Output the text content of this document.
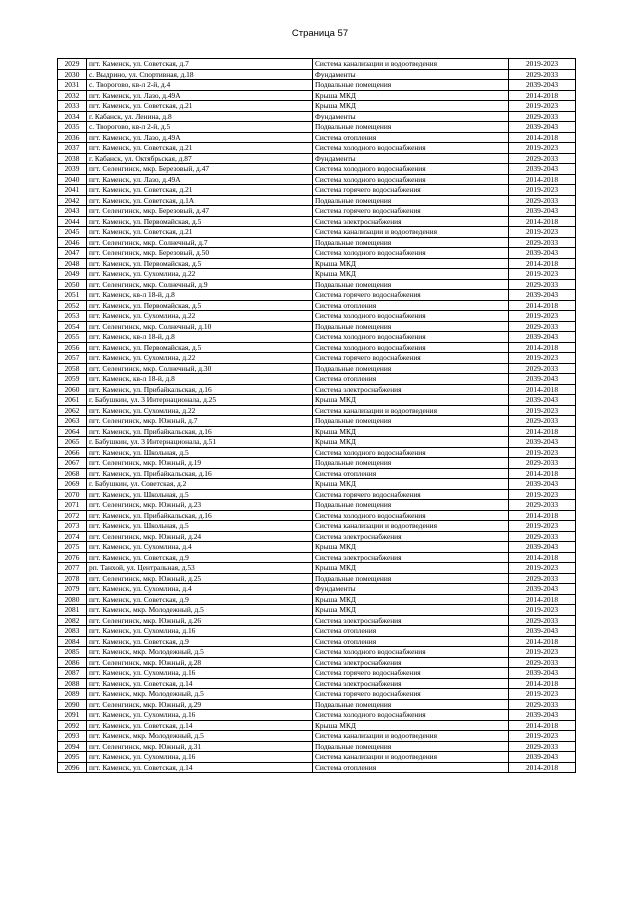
Страница 57
2029	пгт. Каменск, ул. Советская, д.7	Система канализации и водоотведения	2019-2023
2030	с. Выдрино, ул. Спортивная, д.18	Фундаменты	2029-2033
2031	с. Творогово, кв-л 2-й, д.4	Подвальные помещения	2039-2043
2032	пгт. Каменск, ул. Лазо, д.49А	Крыша МКД	2014-2018
2033	пгт. Каменск, ул. Советская, д.21	Крыша МКД	2019-2023
2034	г. Кабанск, ул. Ленина, д.8	Фундаменты	2029-2033
2035	с. Творогово, кв-л 2-й, д.5	Подвальные помещения	2039-2043
2036	пгт. Каменск, ул. Лазо, д.49А	Система отопления	2014-2018
2037	пгт. Каменск, ул. Советская, д.21	Система холодного водоснабжения	2019-2023
2038	г. Кабанск, ул. Октябрьская, д.87	Фундаменты	2029-2033
2039	пгт. Селенгинск, мкр. Березовый, д.47	Система холодного водоснабжения	2039-2043
2040	пгт. Каменск, ул. Лазо, д.49А	Система холодного водоснабжения	2014-2018
2041	пгт. Каменск, ул. Советская, д.21	Система горячего водоснабжения	2019-2023
2042	пгт. Каменск, ул. Советская, д.1А	Подвальные помещения	2029-2033
2043	пгт. Селенгинск, мкр. Березовый, д.47	Система горячего водоснабжения	2039-2043
2044	пгт. Каменск, ул. Первомайская, д.5	Система электроснабжения	2014-2018
2045	пгт. Каменск, ул. Советская, д.21	Система канализации и водоотведения	2019-2023
2046	пгт. Селенгинск, мкр. Солнечный, д.7	Подвальные помещения	2029-2033
2047	пгт. Селенгинск, мкр. Березовый, д.50	Система холодного водоснабжения	2039-2043
2048	пгт. Каменск, ул. Первомайская, д.5	Крыша МКД	2014-2018
2049	пгт. Каменск, ул. Сухомлина, д.22	Крыша МКД	2019-2023
2050	пгт. Селенгинск, мкр. Солнечный, д.9	Подвальные помещения	2029-2033
2051	пгт. Каменск, кв-л 18-й, д.8	Система горячего водоснабжения	2039-2043
2052	пгт. Каменск, ул. Первомайская, д.5	Система отопления	2014-2018
2053	пгт. Каменск, ул. Сухомлина, д.22	Система холодного водоснабжения	2019-2023
2054	пгт. Селенгинск, мкр. Солнечный, д.10	Подвальные помещения	2029-2033
2055	пгт. Каменск, кв-л 18-й, д.8	Система холодного водоснабжения	2039-2043
2056	пгт. Каменск, ул. Первомайская, д.5	Система холодного водоснабжения	2014-2018
2057	пгт. Каменск, ул. Сухомлина, д.22	Система горячего водоснабжения	2019-2023
2058	пгт. Селенгинск, мкр. Солнечный, д.30	Подвальные помещения	2029-2033
2059	пгт. Каменск, кв-л 18-й, д.8	Система отопления	2039-2043
2060	пгт. Каменск, ул. Прибайкальская, д.16	Система электроснабжения	2014-2018
2061	г. Бабушкин, ул. 3 Интернационала, д.25	Крыша МКД	2039-2043
2062	пгт. Каменск, ул. Сухомлина, д.22	Система канализации и водоотведения	2019-2023
2063	пгт. Селенгинск, мкр. Южный, д.7	Подвальные помещения	2029-2033
2064	пгт. Каменск, ул. Прибайкальская, д.16	Крыша МКД	2014-2018
2065	г. Бабушкин, ул. 3 Интернационала, д.51	Крыша МКД	2039-2043
2066	пгт. Каменск, ул. Школьная, д.5	Система холодного водоснабжения	2019-2023
2067	пгт. Селенгинск, мкр. Южный, д.19	Подвальные помещения	2029-2033
2068	пгт. Каменск, ул. Прибайкальская, д.16	Система отопления	2014-2018
2069	г. Бабушкин, ул. Советская, д.2	Крыша МКД	2039-2043
2070	пгт. Каменск, ул. Школьная, д.5	Система горячего водоснабжения	2019-2023
2071	пгт. Селенгинск, мкр. Южный, д.23	Подвальные помещения	2029-2033
2072	пгт. Каменск, ул. Прибайкальская, д.16	Система холодного водоснабжения	2014-2018
2073	пгт. Каменск, ул. Школьная, д.5	Система канализации и водоотведения	2019-2023
2074	пгт. Селенгинск, мкр. Южный, д.24	Система электроснабжения	2029-2033
2075	пгт. Каменск, ул. Сухомлина, д.4	Крыша МКД	2039-2043
2076	пгт. Каменск, ул. Советская, д.9	Система электроснабжения	2014-2018
2077	рп. Танхой, ул. Центральная, д.53	Крыша МКД	2019-2023
2078	пгт. Селенгинск, мкр. Южный, д.25	Подвальные помещения	2029-2033
2079	пгт. Каменск, ул. Сухомлина, д.4	Фундаменты	2039-2043
2080	пгт. Каменск, ул. Советская, д.9	Крыша МКД	2014-2018
2081	пгт. Каменск, мкр. Молодежный, д.5	Крыша МКД	2019-2023
2082	пгт. Селенгинск, мкр. Южный, д.26	Система электроснабжения	2029-2033
2083	пгт. Каменск, ул. Сухомлина, д.16	Система отопления	2039-2043
2084	пгт. Каменск, ул. Советская, д.9	Система отопления	2014-2018
2085	пгт. Каменск, мкр. Молодежный, д.5	Система холодного водоснабжения	2019-2023
2086	пгт. Селенгинск, мкр. Южный, д.28	Система электроснабжения	2029-2033
2087	пгт. Каменск, ул. Сухомлина, д.16	Система горячего водоснабжения	2039-2043
2088	пгт. Каменск, ул. Советская, д.14	Система электроснабжения	2014-2018
2089	пгт. Каменск, мкр. Молодежный, д.5	Система горячего водоснабжения	2019-2023
2090	пгт. Селенгинск, мкр. Южный, д.29	Подвальные помещения	2029-2033
2091	пгт. Каменск, ул. Сухомлина, д.16	Система холодного водоснабжения	2039-2043
2092	пгт. Каменск, ул. Советская, д.14	Крыша МКД	2014-2018
2093	пгт. Каменск, мкр. Молодежный, д.5	Система канализации и водоотведения	2019-2023
2094	пгт. Селенгинск, мкр. Южный, д.31	Подвальные помещения	2029-2033
2095	пгт. Каменск, ул. Сухомлина, д.16	Система канализации и водоотведения	2039-2043
2096	пгт. Каменск, ул. Советская, д.14	Система отопления	2014-2018
